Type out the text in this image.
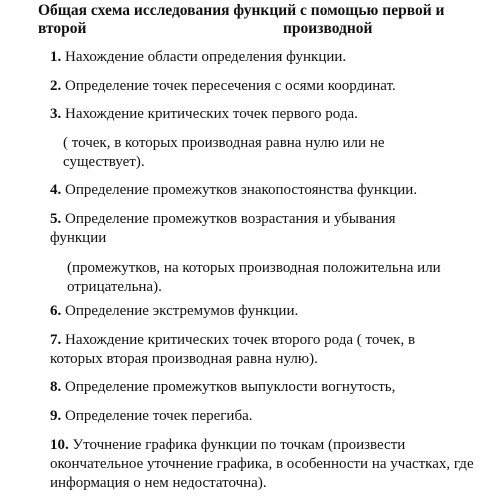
Общая схема исследования функций с помощью первой и
второй	производной
1. Нахождение области определения функции.
2. Определение точек пересечения с осями координат.
3. Нахождение критических точек первого рода.
( точек, в которых производная равна нулю или не существует).
4. Определение промежутков знакопостоянства функции.
5. Определение промежутков возрастания и убывания функции
(промежутков, на которых производная положительна или отрицательна).
6. Определение экстремумов функции.
7. Нахождение критических точек второго рода ( точек, в которых вторая производная равна нулю).
8. Определение промежутков выпуклости вогнутость,
9. Определение точек перегиба.
10. Уточнение графика функции по точкам (произвести окончательное уточнение графика, в особенности на участках, где информация о нем недостаточна).
